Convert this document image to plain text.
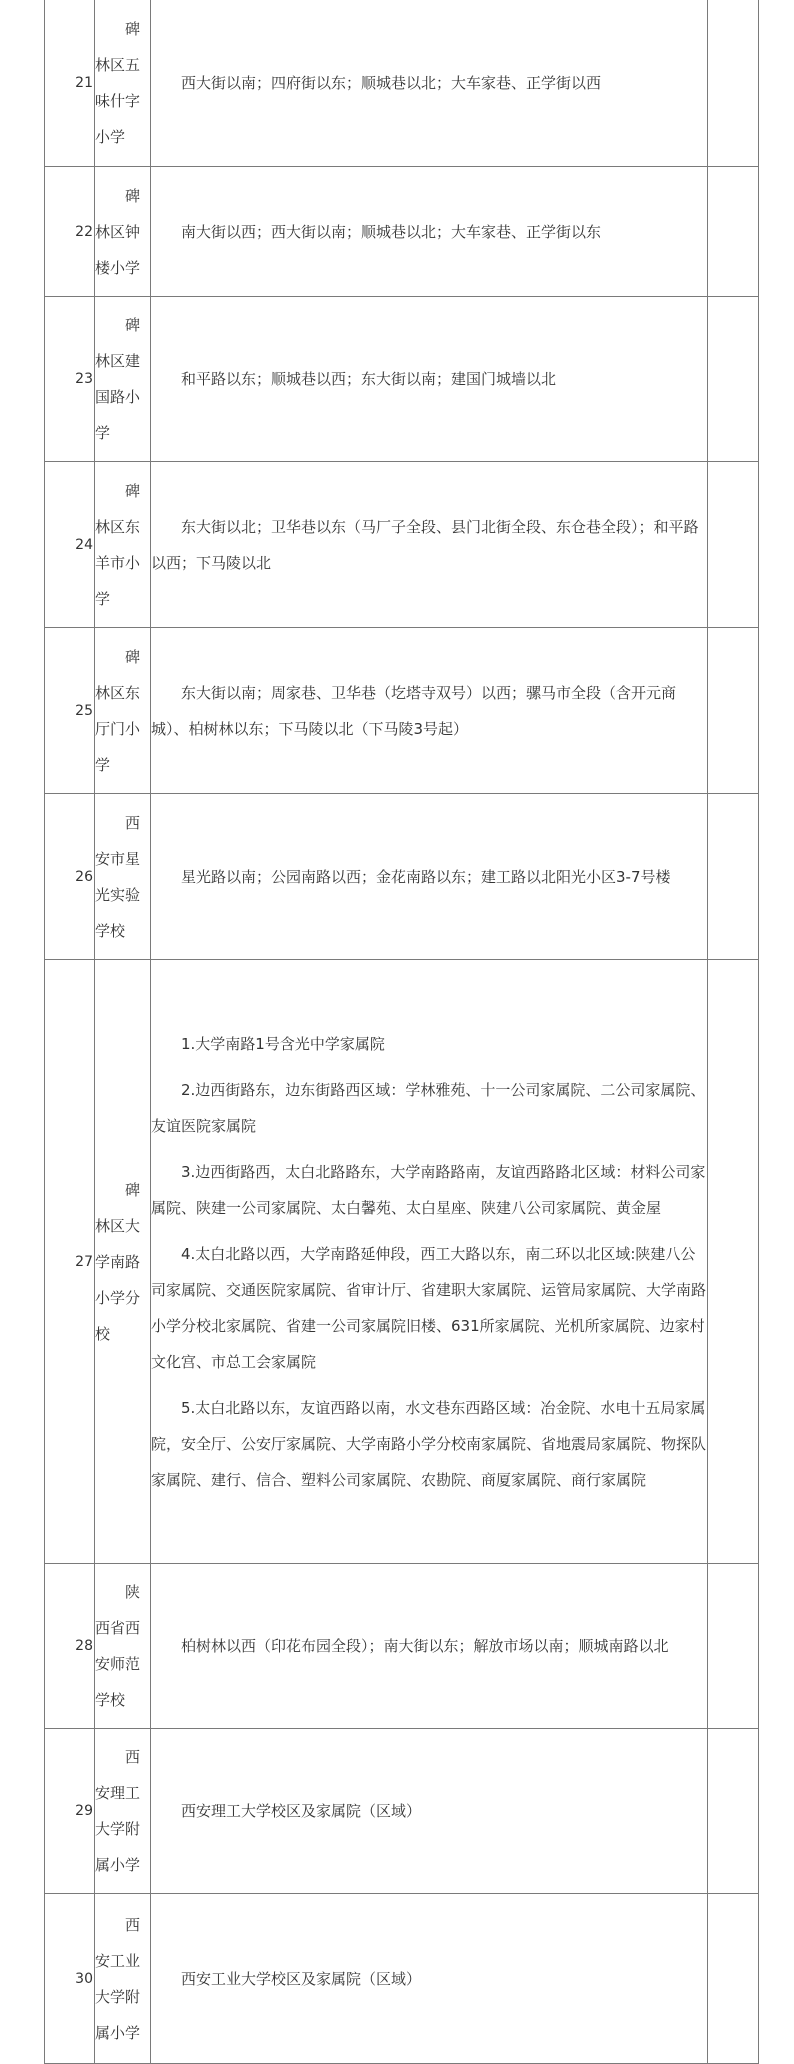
21	碑林区五味什字小学	西大街以南；四府街以东；顺城巷以北；大车家巷、正学街以西	

22	碑林区钟楼小学	南大街以西；西大街以南；顺城巷以北；大车家巷、正学街以东	

23	碑林区建国路小学	和平路以东；顺城巷以西；东大街以南；建国门城墙以北	

24	碑林区东羊市小学	东大街以北；卫华巷以东（马厂子全段、县门北街全段、东仓巷全段）；和平路以西；下马陵以北	

25	碑林区东厅门小学	东大街以南；周家巷、卫华巷（圪塔寺双号）以西；骡马市全段（含开元商城）、柏树林以东；下马陵以北（下马陵3号起）	

26	西安市星光实验学校	星光路以南；公园南路以西；金花南路以东；建工路以北阳光小区3-7号楼	

27	碑林区大学南路小学分校	1.大学南路1号含光中学家属院

2.边西街路东，边东街路西区域：学林雅苑、十一公司家属院、二公司家属院、友谊医院家属院

3.边西街路西，太白北路路东，大学南路路南，友谊西路路北区域：材料公司家属院、陕建一公司家属院、太白馨苑、太白星座、陕建八公司家属院、黄金屋

4.太白北路以西，大学南路延伸段，西工大路以东，南二环以北区域:陕建八公司家属院、交通医院家属院、省审计厅、省建职大家属院、运管局家属院、大学南路小学分校北家属院、省建一公司家属院旧楼、631所家属院、光机所家属院、边家村文化宫、市总工会家属院

5.太白北路以东，友谊西路以南，水文巷东西路区域：冶金院、水电十五局家属院，安全厅、公安厅家属院、大学南路小学分校南家属院、省地震局家属院、物探队家属院、建行、信合、塑料公司家属院、农勘院、商厦家属院、商行家属院	

28	陕西省西安师范学校	柏树林以西（印花布园全段）；南大街以东；解放市场以南；顺城南路以北	

29	西安理工大学附属小学	西安理工大学校区及家属院（区域）	

30	西安工业大学附属小学	西安工业大学校区及家属院（区域）	
